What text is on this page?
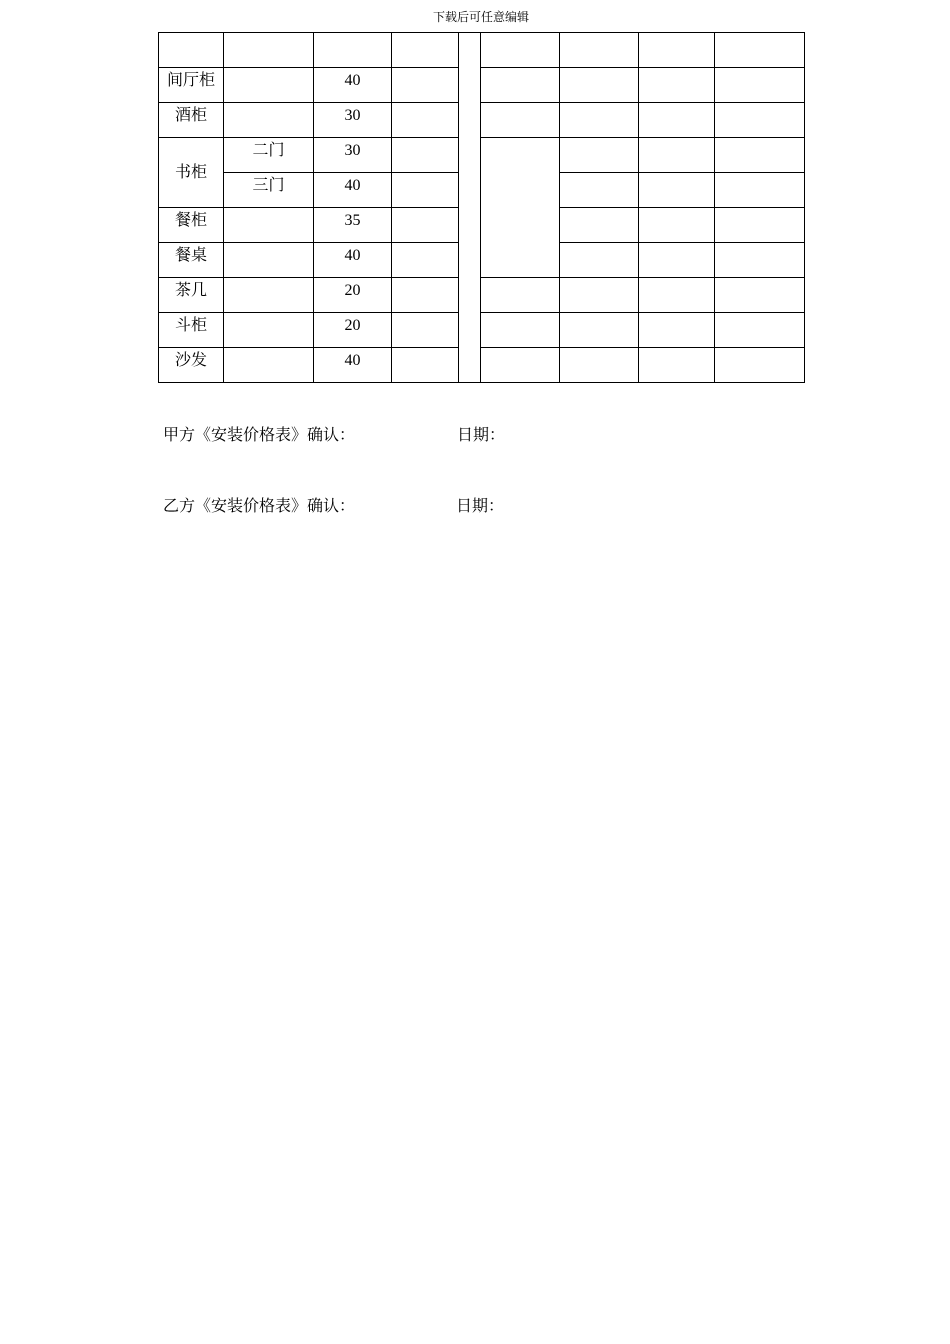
下载后可任意编辑

间厅柜		40						
酒柜		30						
书柜	二门	30						
	三门	40						
餐柜		35						
餐桌		40						
茶几		20						
斗柜		20						
沙发		40						
甲方《安装价格表》确认：	日期：
乙方《安装价格表》确认：	日期：
